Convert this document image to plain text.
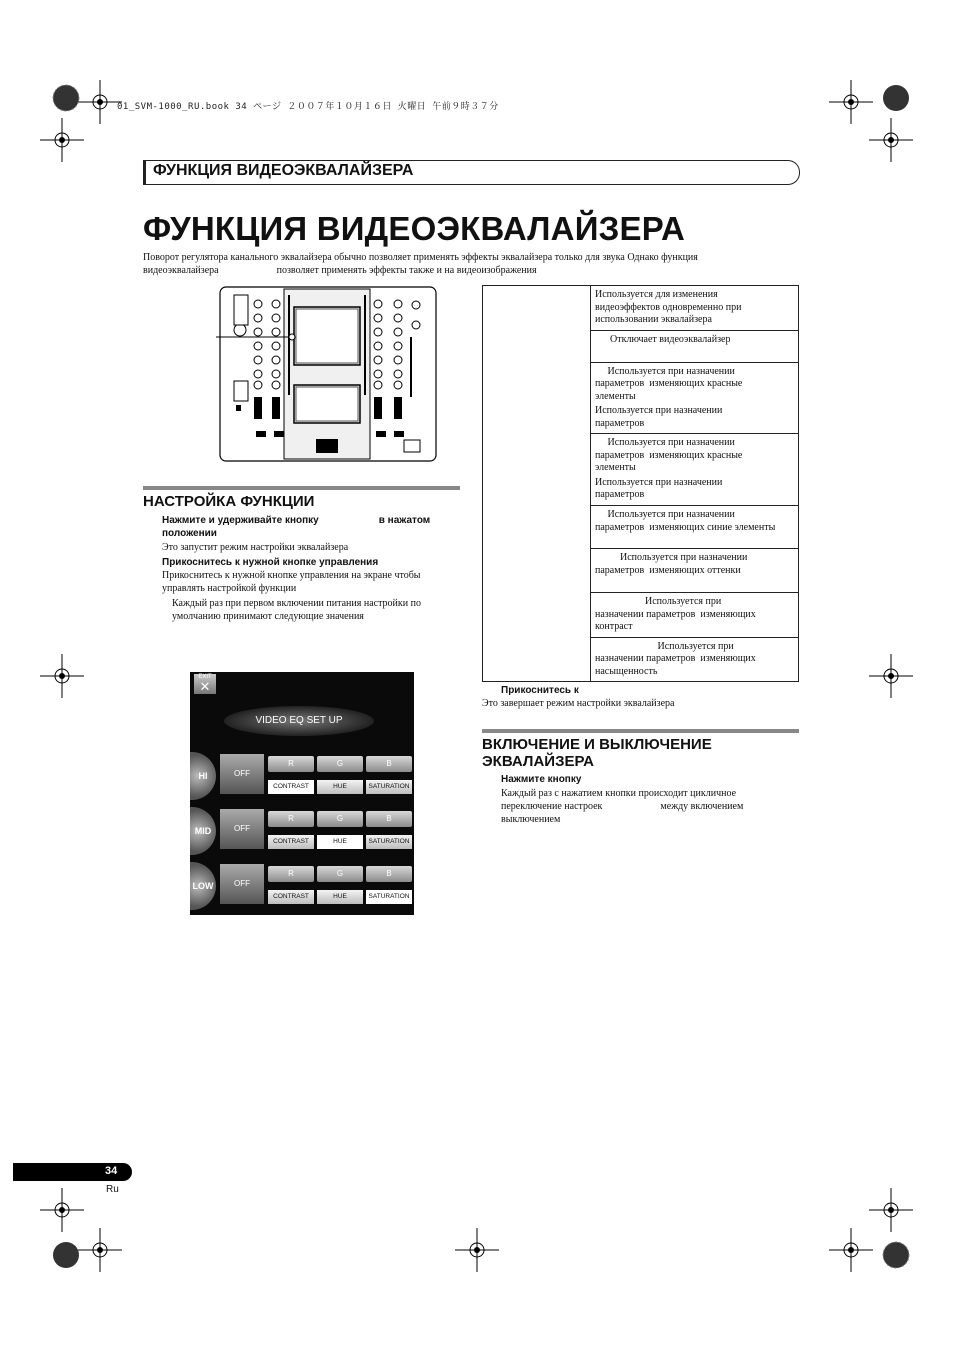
01_SVM-1000_RU.book 34 ページ ２００７年１０月１６日 火曜日 午前９時３７分
ФУНКЦИЯ ВИДЕОЭКВАЛАЙЗЕРА
ФУНКЦИЯ ВИДЕОЭКВАЛАЙЗЕРА
Поворот регулятора канального эквалайзера обычно позволяет применять эффекты эквалайзера только для звука Однако функция
видеоэквалайзера	позволяет применять эффекты также и на видеоизображения
НАСТРОЙКА ФУНКЦИИ
Нажмите и удерживайте кнопку	в нажатом
положении
Это запустит режим настройки эквалайзера
Прикоснитесь к нужной кнопке управления
Прикоснитесь к нужной кнопке управления на экране чтобы
управлять настройкой функции
Каждый раз при первом включении питания настройки по
умолчанию принимают следующие значения
EXIT
✕
VIDEO EQ SET UP
HI	OFF
R	G	B
CONTRAST	HUE	SATURATION
MID	OFF
R	G	B
CONTRAST	HUE	SATURATION
LOW	OFF
R	G	B
CONTRAST	HUE	SATURATION

Используется для изменения
видеоэффектов одновременно при
использовании эквалайзера

Отключает видеоэквалайзер

Используется при назначении
параметров  изменяющих красные
элементы
Используется при назначении
параметров

Используется при назначении
параметров  изменяющих красные
элементы
Используется при назначении
параметров

Используется при назначении
параметров  изменяющих синие элементы

Используется при назначении
параметров  изменяющих оттенки

Используется при
назначении параметров  изменяющих
контраст

Используется при
назначении параметров  изменяющих
насыщенность
Прикоснитесь к
Это завершает режим настройки эквалайзера
ВКЛЮЧЕНИЕ И ВЫКЛЮЧЕНИЕ
ЭКВАЛАЙЗЕРА
Нажмите кнопку
Каждый раз с нажатием кнопки происходит цикличное
переключение настроек	между включением
выключением
34
Ru
